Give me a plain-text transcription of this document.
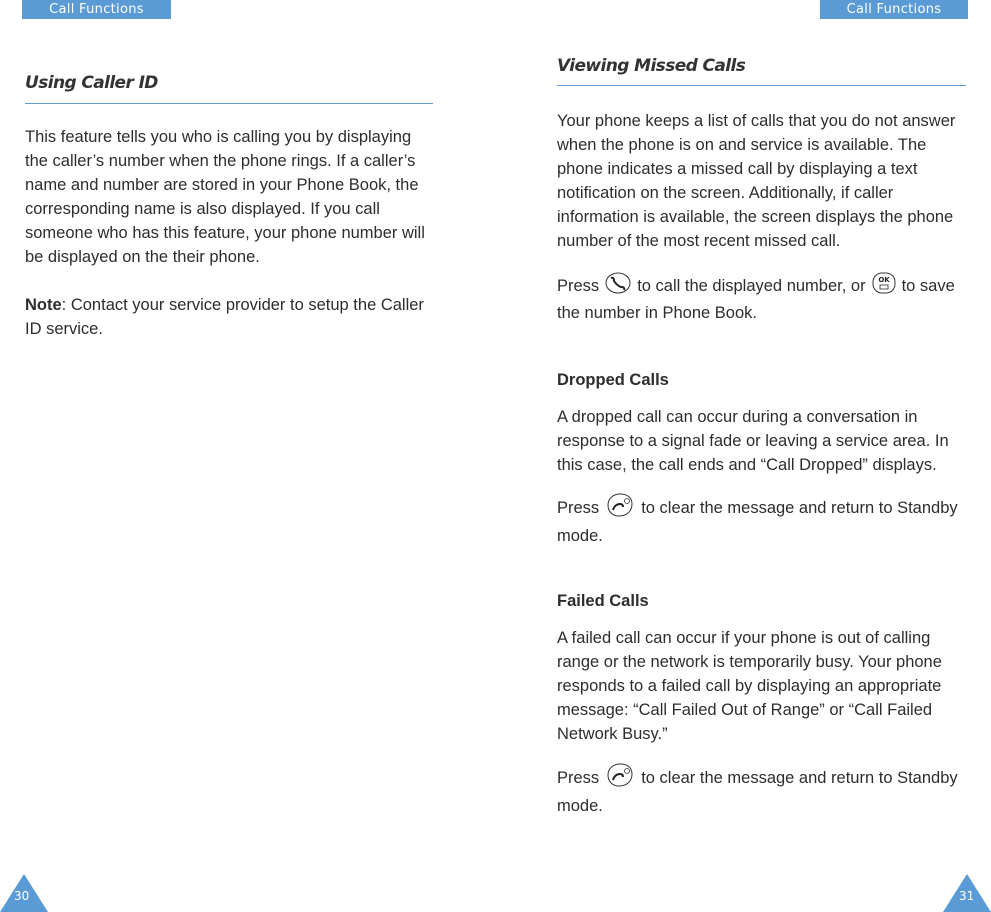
Call Functions	Call Functions
Using Caller ID
This feature tells you who is calling you by displaying the caller’s number when the phone rings. If a caller’s name and number are stored in your Phone Book, the corresponding name is also displayed. If you call someone who has this feature, your phone number will be displayed on the their phone.
Note: Contact your service provider to setup the Caller ID service.
Viewing Missed Calls
Your phone keeps a list of calls that you do not answer when the phone is on and service is available. The phone indicates a missed call by displaying a text notification on the screen. Additionally, if caller information is available, the screen displays the phone number of the most recent missed call.
Press to call the displayed number, or OK to save the number in Phone Book.
Dropped Calls
A dropped call can occur during a conversation in response to a signal fade or leaving a service area. In this case, the call ends and “Call Dropped” displays.
Press	to clear the message and return to Standby mode.
Failed Calls
A failed call can occur if your phone is out of calling range or the network is temporarily busy. Your phone responds to a failed call by displaying an appropriate message: “Call Failed Out of Range” or “Call Failed Network Busy.”
Press	to clear the message and return to Standby mode.
30	31
